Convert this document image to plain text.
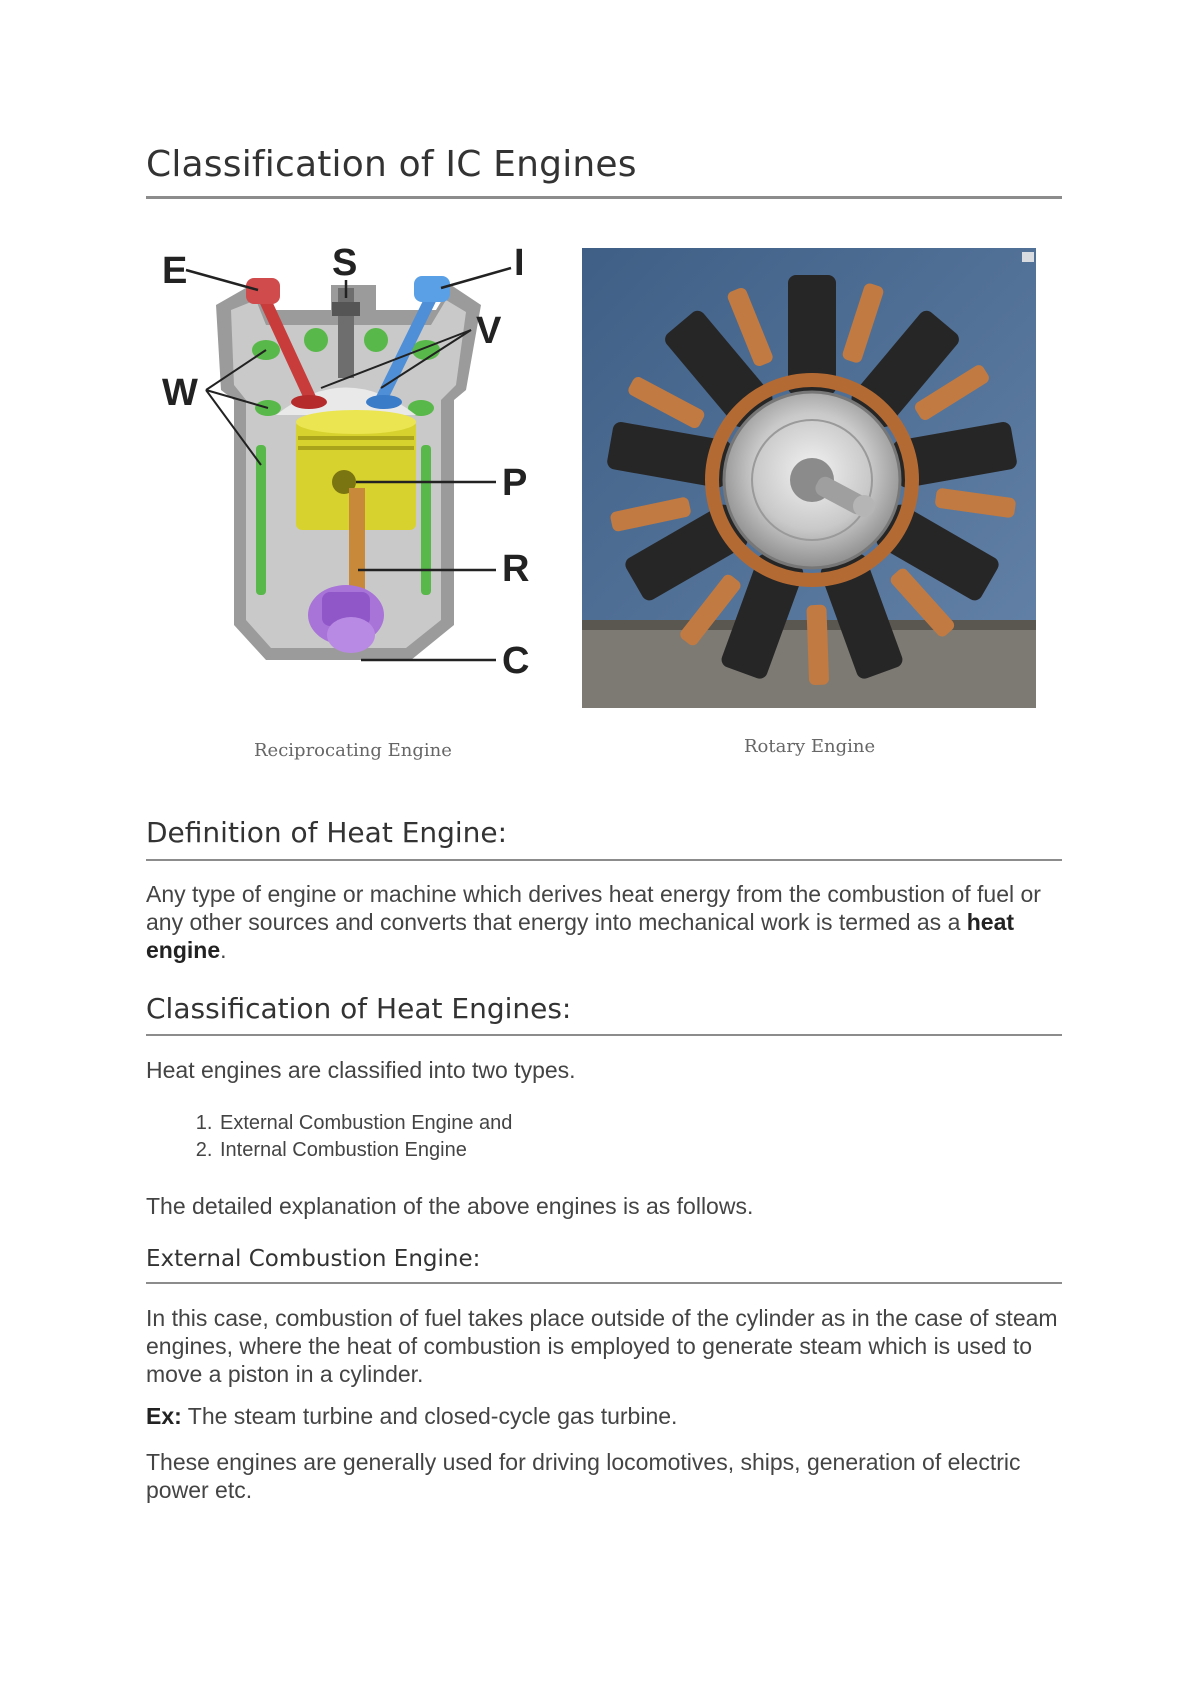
Classification of IC Engines
E	S	I
V
W
P
R
C
Reciprocating Engine	Rotary Engine
Definition of Heat Engine:

Any type of engine or machine which derives heat energy from the combustion of fuel or any other sources and converts that energy into mechanical work is termed as a heat engine.

Classification of Heat Engines:

Heat engines are classified into two types.

1. External Combustion Engine and
2. Internal Combustion Engine

The detailed explanation of the above engines is as follows.

External Combustion Engine:

In this case, combustion of fuel takes place outside of the cylinder as in the case of steam engines, where the heat of combustion is employed to generate steam which is used to move a piston in a cylinder.

Ex: The steam turbine and closed-cycle gas turbine.

These engines are generally used for driving locomotives, ships, generation of electric power etc.
